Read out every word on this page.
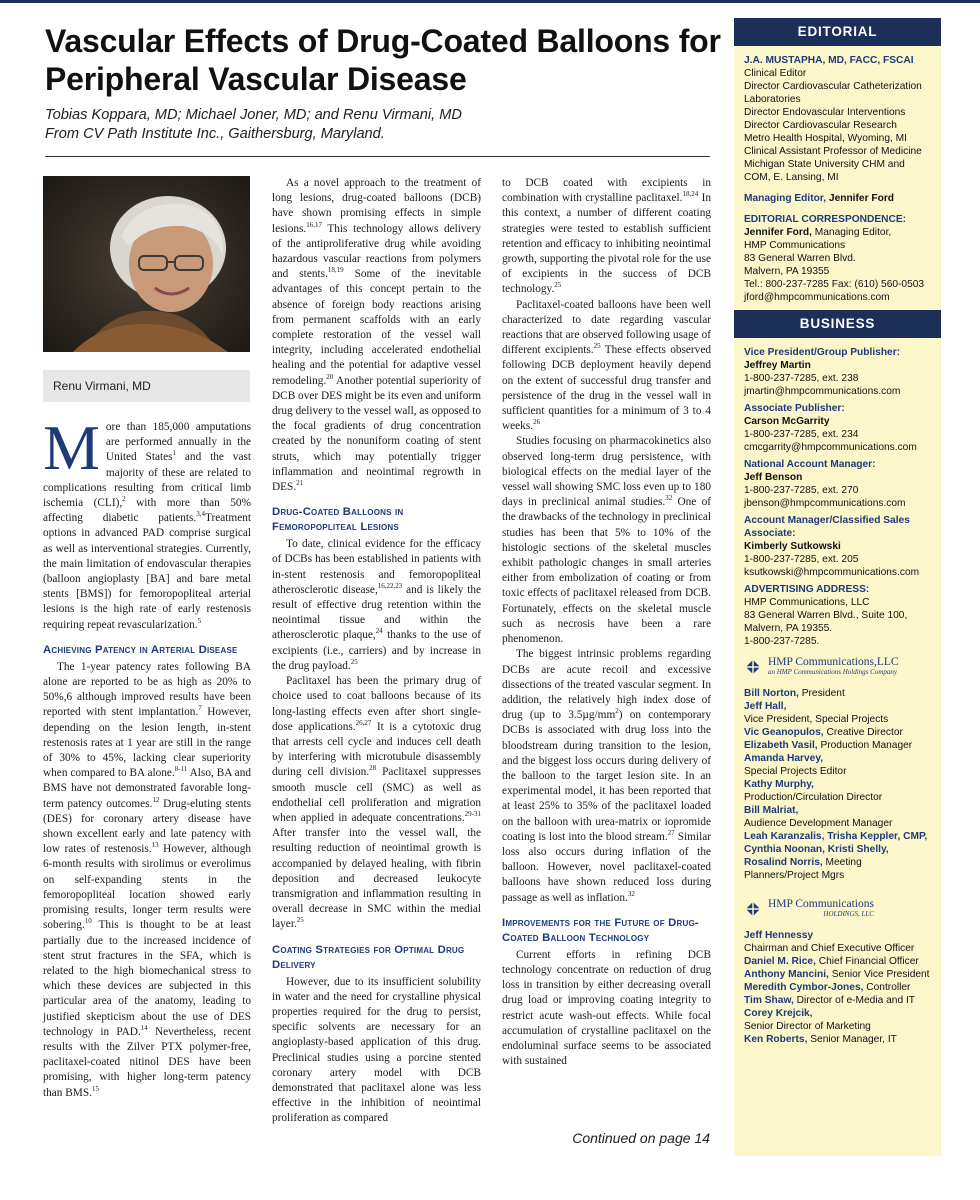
Vascular Effects of Drug-Coated Balloons for Peripheral Vascular Disease
Tobias Koppara, MD; Michael Joner, MD; and Renu Virmani, MD
From CV Path Institute Inc., Gaithersburg, Maryland.
Renu Virmani, MD

More than 185,000 amputations are performed annually in the United States$^1$ and the vast majority of these are related to complications resulting from critical limb ischemia (CLI),$^2$ with more than 50% affecting diabetic patients.$^{3,4}$Treatment options in advanced PAD comprise surgical as well as interventional strategies. Currently, the main limitation of endovascular therapies (balloon angioplasty [BA] and bare metal stents [BMS]) for femoropopliteal arterial lesions is the high rate of early restenosis requiring repeat revascularization.$^5$

Achieving Patency in Arterial Disease

The 1-year patency rates following BA alone are reported to be as high as 20% to 50%,6 although improved results have been reported with stent implantation.$^7$ However, depending on the lesion length, in-stent restenosis rates at 1 year are still in the range of 30% to 45%, lacking clear superiority when compared to BA alone.$^{8-11}$ Also, BA and BMS have not demonstrated favorable long-term patency outcomes.$^{12}$ Drug-eluting stents (DES) for coronary artery disease have shown excellent early and late patency with low rates of restenosis.$^{13}$ However, although 6-month results with sirolimus or everolimus on self-expanding stents in the femoropopliteal location showed early promising results, longer term results were sobering.$^{10}$ This is thought to be at least partially due to the increased incidence of stent strut fractures in the SFA, which is related to the high biomechanical stress to which these devices are subjected in this particular area of the anatomy, leading to justified skepticism about the use of DES technology in PAD.$^{14}$ Nevertheless, recent results with the Zilver PTX polymer-free, paclitaxel-coated nitinol DES have been promising, with higher long-term patency than BMS.$^{15}$

As a novel approach to the treatment of long lesions, drug-coated balloons (DCB) have shown promising effects in simple lesions.$^{16,17}$ This technology allows delivery of the antiproliferative drug while avoiding hazardous vascular reactions from polymers and stents.$^{18,19}$ Some of the inevitable advantages of this concept pertain to the absence of foreign body reactions arising from permanent scaffolds with an early complete restoration of the vessel wall integrity, including accelerated endothelial healing and the potential for adaptive vessel remodeling.$^{20}$ Another potential superiority of DCB over DES might be its even and uniform drug delivery to the vessel wall, as opposed to the focal gradients of drug concentration created by the nonuniform coating of stent struts, which may potentially trigger inflammation and neointimal regrowth in DES.$^{21}$

Drug-Coated Balloons in Femoropopliteal Lesions

To date, clinical evidence for the efficacy of DCBs has been established in patients with in-stent restenosis and femoropopliteal atherosclerotic disease,$^{16,22,23}$ and is likely the result of effective drug retention within the neointimal tissue and within the atherosclerotic plaque,$^{24}$ thanks to the use of excipients (i.e., carriers) and by increase in the drug payload.$^{25}$

Paclitaxel has been the primary drug of choice used to coat balloons because of its long-lasting effects even after short single-dose applications.$^{26,27}$ It is a cytotoxic drug that arrests cell cycle and induces cell death by interfering with microtubule disassembly during cell division.$^{28}$ Paclitaxel suppresses smooth muscle cell (SMC) as well as endothelial cell proliferation and migration when applied in adequate concentrations.$^{29-31}$ After transfer into the vessel wall, the resulting reduction of neointimal growth is accompanied by delayed healing, with fibrin deposition and decreased leukocyte transmigration and inflammation resulting in overall decrease in SMC within the medial layer.$^{25}$

Coating Strategies for Optimal Drug Delivery

However, due to its insufficient solubility in water and the need for crystalline physical properties required for the drug to persist, specific solvents are necessary for an angioplasty-based application of this drug. Preclinical studies using a porcine stented coronary artery model with DCB demonstrated that paclitaxel alone was less effective in the inhibition of neointimal proliferation as compared

to DCB coated with excipients in combination with crystalline paclitaxel.$^{18,24}$ In this context, a number of different coating strategies were tested to establish sufficient retention and efficacy to inhibiting neointimal growth, supporting the pivotal role for the use of excipients in the success of DCB technology.$^{25}$

Paclitaxel-coated balloons have been well characterized to date regarding vascular reactions that are observed following usage of different excipients.$^{25}$ These effects observed following DCB deployment heavily depend on the extent of successful drug transfer and persistence of the drug in the vessel wall in sufficient quantities for a minimum of 3 to 4 weeks.$^{26}$

Studies focusing on pharmacokinetics also observed long-term drug persistence, with biological effects on the medial layer of the vessel wall showing SMC loss even up to 180 days in preclinical animal studies.$^{32}$ One of the drawbacks of the technology in preclinical studies has been that 5% to 10% of the histologic sections of the skeletal muscles exhibit pathologic changes in small arteries either from embolization of coating or from toxic effects of paclitaxel released from DCB. Fortunately, effects on the skeletal muscle such as necrosis have been a rare phenomenon.

The biggest intrinsic problems regarding DCBs are acute recoil and excessive dissections of the treated vascular segment. In addition, the relatively high index dose of drug (up to $3.5\mu g/mm^2$) on contemporary DCBs is associated with drug loss into the bloodstream during transition to the lesion, and the biggest loss occurs during delivery of the balloon to the target lesion site. In an experimental model, it has been reported that at least 25% to 35% of the paclitaxel loaded on the balloon with urea-matrix or iopromide coating is lost into the blood stream.$^{27}$ Similar loss also occurs during inflation of the balloon. However, novel paclitaxel-coated balloons have shown reduced loss during passage as well as inflation.$^{32}$

Improvements for the Future of Drug-Coated Balloon Technology

Current efforts in refining DCB technology concentrate on reduction of drug loss in transition by either decreasing overall drug load or improving coating integrity to restrict acute wash-out effects. While focal accumulation of crystalline paclitaxel on the endoluminal surface seems to be associated with sustained

Continued on page 14
EDITORIAL
J.A. MUSTAPHA, MD, FACC, FSCAI
Clinical Editor
Director Cardiovascular Catheterization Laboratories
Director Endovascular Interventions
Director Cardiovascular Research
Metro Health Hospital, Wyoming, MI
Clinical Assistant Professor of Medicine
Michigan State University CHM and COM, E. Lansing, MI
Managing Editor, Jennifer Ford
EDITORIAL CORRESPONDENCE:
Jennifer Ford, Managing Editor,
HMP Communications
83 General Warren Blvd.
Malvern, PA 19355
Tel.: 800-237-7285 Fax: (610) 560-0503
jford@hmpcommunications.com
BUSINESS
Vice President/Group Publisher:
Jeffrey Martin
1-800-237-7285, ext. 238
jmartin@hmpcommunications.com
Associate Publisher:
Carson McGarrity
1-800-237-7285, ext. 234
cmcgarrity@hmpcommunications.com
National Account Manager:
Jeff Benson
1-800-237-7285, ext. 270
jbenson@hmpcommunications.com
Account Manager/Classified Sales Associate:
Kimberly Sutkowski
1-800-237-7285, ext. 205
ksutkowski@hmpcommunications.com
ADVERTISING ADDRESS:
HMP Communications, LLC
83 General Warren Blvd., Suite 100,
Malvern, PA 19355.
1-800-237-7285.
HMP Communications,LLC
an HMP Communications Holdings Company
Bill Norton, President
Jeff Hall,
Vice President, Special Projects
Vic Geanopulos, Creative Director
Elizabeth Vasil, Production Manager
Amanda Harvey,
Special Projects Editor
Kathy Murphy,
Production/Circulation Director
Bill Malriat,
Audience Development Manager
Leah Karanzalis, Trisha Keppler, CMP, Cynthia Noonan, Kristi Shelly, Rosalind Norris, Meeting Planners/Project Mgrs
HMP Communications
HOLDINGS, LLC
Jeff Hennessy
Chairman and Chief Executive Officer
Daniel M. Rice, Chief Financial Officer
Anthony Mancini, Senior Vice President
Meredith Cymbor-Jones, Controller
Tim Shaw, Director of e-Media and IT
Corey Krejcik,
Senior Director of Marketing
Ken Roberts, Senior Manager, IT
